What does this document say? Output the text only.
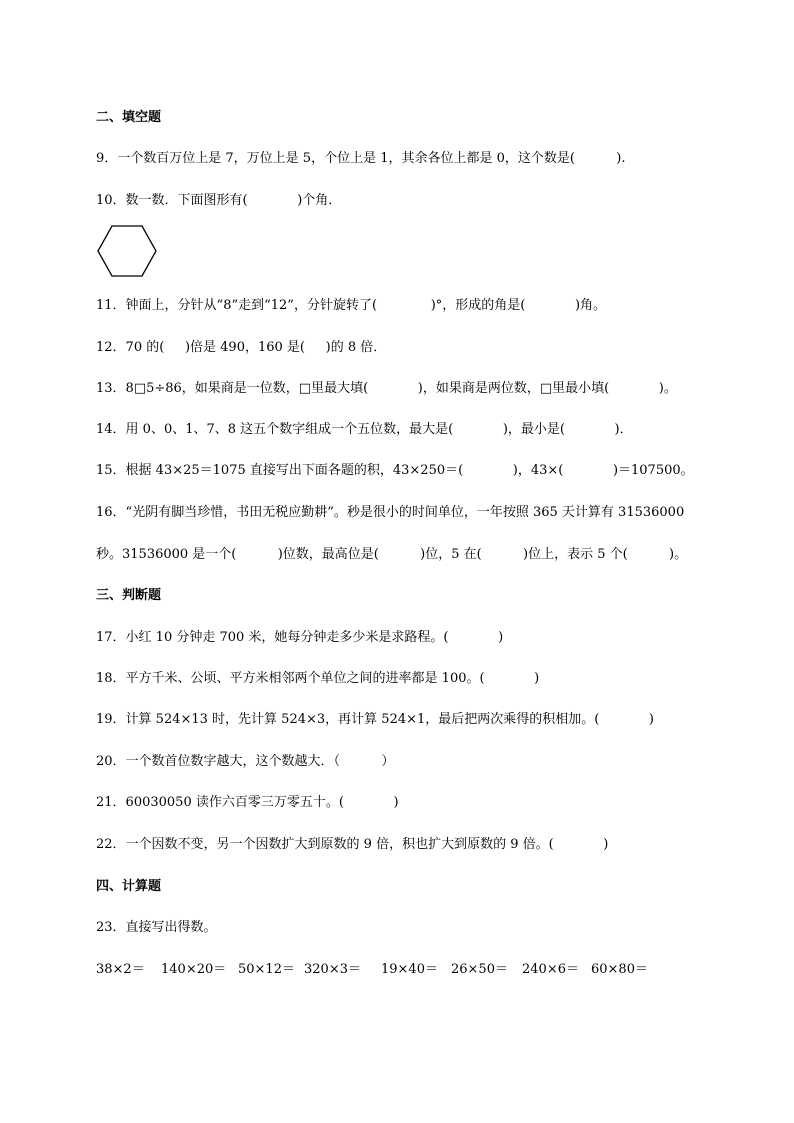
二、填空题
9．一个数百万位上是 7，万位上是 5，个位上是 1，其余各位上都是 0，这个数是(          ).
10．数一数．下面图形有(            )个角．
11．钟面上，分针从“8”走到“12”，分针旋转了(             )°，形成的角是(            )角。
12．70 的(     )倍是 490，160 是(     )的 8 倍．
13．8□5÷86，如果商是一位数，□里最大填(            )，如果商是两位数，□里最小填(            )。
14．用 0、0、1、7、8 这五个数字组成一个五位数，最大是(            )，最小是(            )．
15．根据 43×25＝1075 直接写出下面各题的积，43×250＝(            )，43×(            )＝107500。
16．“光阴有脚当珍惜，书田无税应勤耕”。秒是很小的时间单位，一年按照 365 天计算有 31536000
秒。31536000 是一个(          )位数，最高位是(          )位，5 在(          )位上，表示 5 个(          )。
三、判断题
17．小红 10 分钟走 700 米，她每分钟走多少米是求路程。(            )
18．平方千米、公顷、平方米相邻两个单位之间的进率都是 100。(            )
19．计算 524×13 时，先计算 524×3，再计算 524×1，最后把两次乘得的积相加。(            )
20．一个数首位数字越大，这个数越大．（          ）
21．60030050 读作六百零三万零五十。(            )
22．一个因数不变，另一个因数扩大到原数的 9 倍，积也扩大到原数的 9 倍。(            )
四、计算题
23．直接写出得数。

38×2＝

140×20＝

50×12＝

320×3＝

19×40＝

26×50＝

240×6＝

60×80＝
